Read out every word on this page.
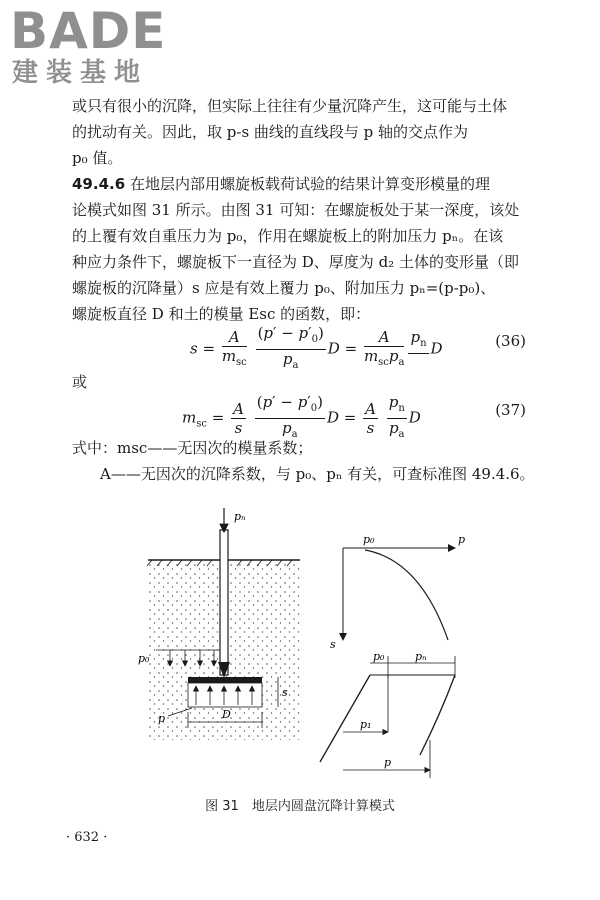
BADE
建装基地
或只有很小的沉降，但实际上往往有少量沉降产生，这可能与土体
的扰动有关。因此，取 p-s 曲线的直线段与 p 轴的交点作为
p₀ 值。
49.4.6 在地层内部用螺旋板载荷试验的结果计算变形模量的理
论模式如图 31 所示。由图 31 可知：在螺旋板处于某一深度，该处
的上覆有效自重压力为 p₀，作用在螺旋板上的附加压力 pₙ。在该
种应力条件下，螺旋板下一直径为 D、厚度为 d₂ 土体的变形量（即
螺旋板的沉降量）s 应是有效上覆力 p₀、附加压力 pₙ=(p-p₀)、
螺旋板直径 D 和土的模量 Esc 的函数，即：
$s = \frac{A}{m_{sc}}$
$\frac{(p' - p'_0)}{p_a}$ $D = \frac{A}{m_{sc}p_a} p_n$
D	(36)
或
$m_{sc} = \frac{A}{s}$
$\frac{(p' - p'_0)}{p_a}$ $D = \frac{A}{s}$
$\frac{p_n}{p_a}$ D	(37)
式中：msc——无因次的模量系数；
A——无因次的沉降系数，与 p₀、pₙ 有关，可查标准图 49.4.6。
pₙ
p₀
s
p	D
p₀	p
s
p₀	pₙ
p₁
p
图 31　地层内圆盘沉降计算模式
· 632 ·
